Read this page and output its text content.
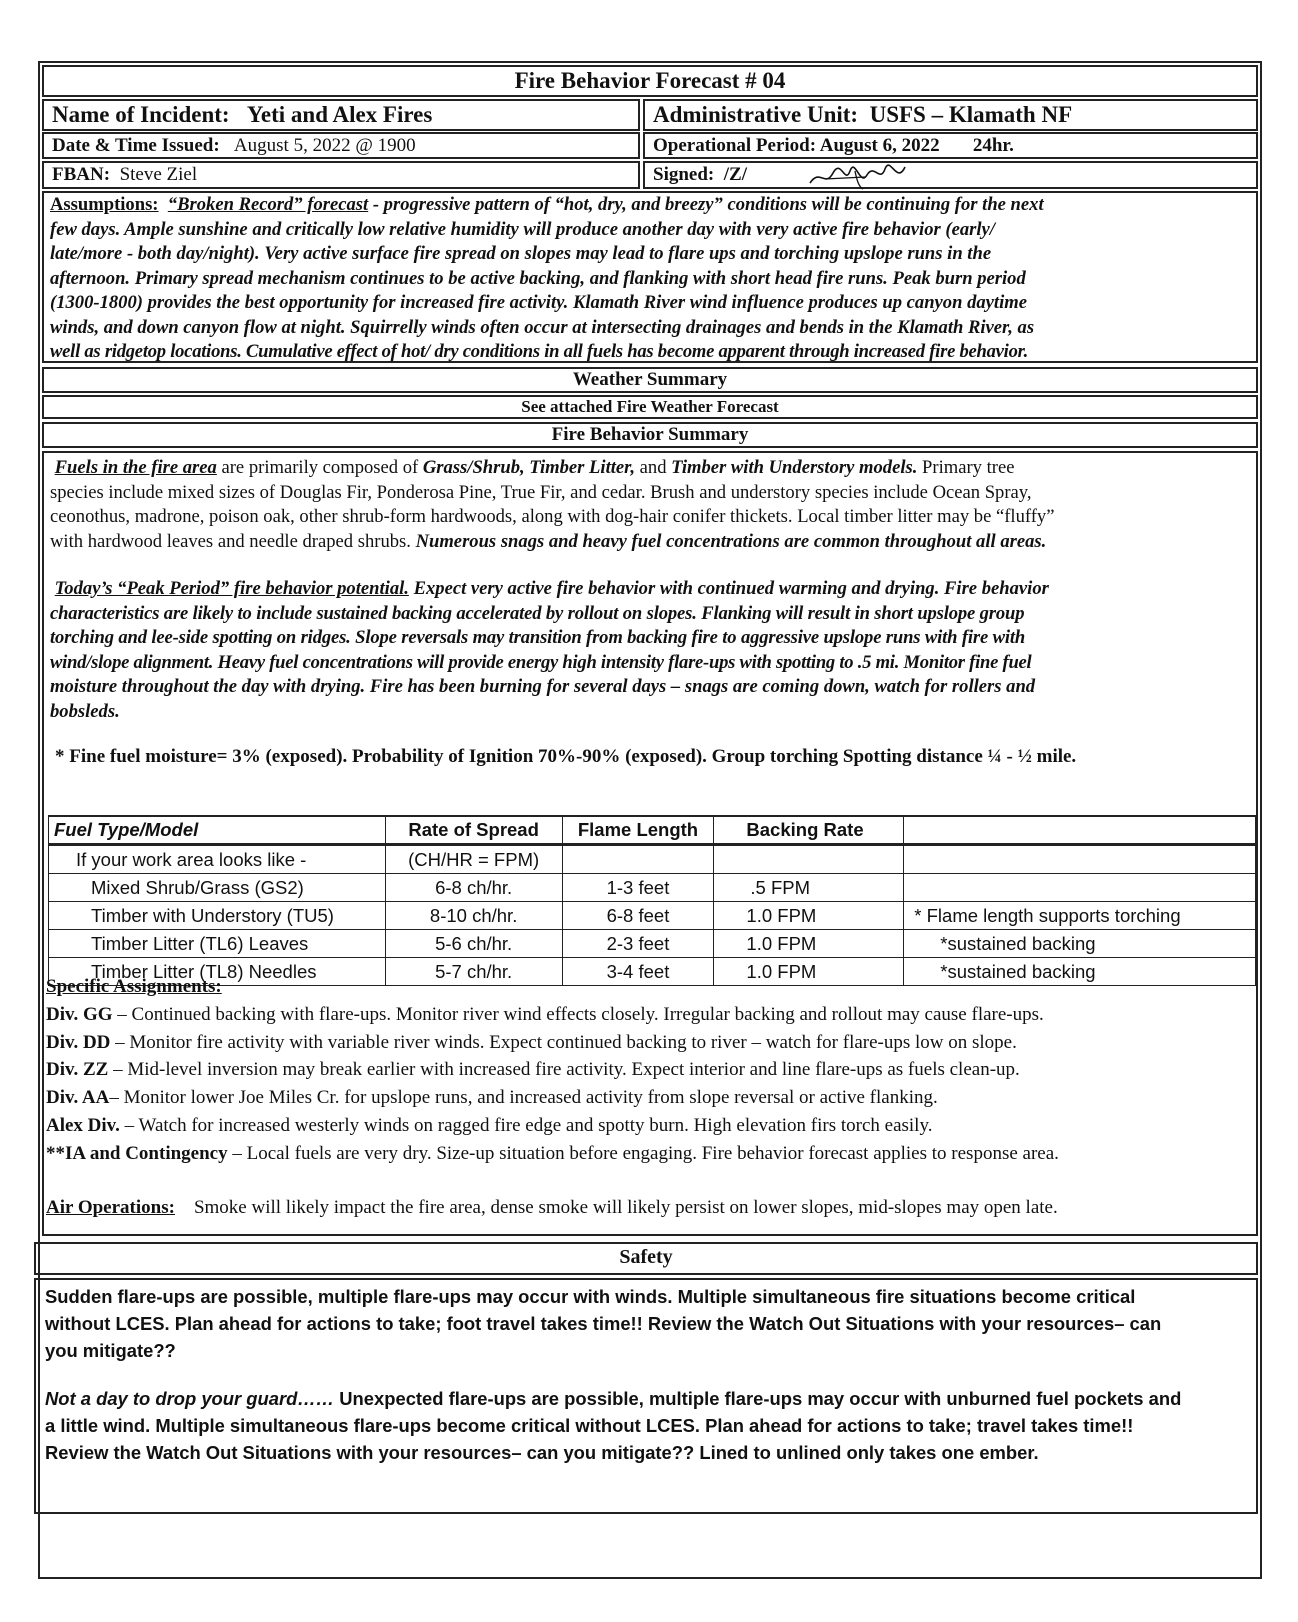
Fire Behavior Forecast # 04
Name of Incident: Yeti and Alex Fires	Administrative Unit: USFS – Klamath NF
Date & Time Issued: August 5, 2022 @ 1900	Operational Period: August 6, 2022 24hr.
FBAN: Steve Ziel	Signed: /Z/
Assumptions: “Broken Record” forecast - progressive pattern of “hot, dry, and breezy” conditions will be continuing for the next
few days. Ample sunshine and critically low relative humidity will produce another day with very active fire behavior (early/
late/more - both day/night). Very active surface fire spread on slopes may lead to flare ups and torching upslope runs in the
afternoon. Primary spread mechanism continues to be active backing, and flanking with short head fire runs. Peak burn period
(1300-1800) provides the best opportunity for increased fire activity. Klamath River wind influence produces up canyon daytime
winds, and down canyon flow at night. Squirrelly winds often occur at intersecting drainages and bends in the Klamath River, as
well as ridgetop locations. Cumulative effect of hot/ dry conditions in all fuels has become apparent through increased fire behavior.
Weather Summary
See attached Fire Weather Forecast
Fire Behavior Summary
Fuels in the fire area are primarily composed of Grass/Shrub, Timber Litter, and Timber with Understory models. Primary tree
species include mixed sizes of Douglas Fir, Ponderosa Pine, True Fir, and cedar. Brush and understory species include Ocean Spray,
ceonothus, madrone, poison oak, other shrub-form hardwoods, along with dog-hair conifer thickets. Local timber litter may be “fluffy”
with hardwood leaves and needle draped shrubs. Numerous snags and heavy fuel concentrations are common throughout all areas.
Today’s “Peak Period” fire behavior potential. Expect very active fire behavior with continued warming and drying. Fire behavior
characteristics are likely to include sustained backing accelerated by rollout on slopes. Flanking will result in short upslope group
torching and lee-side spotting on ridges. Slope reversals may transition from backing fire to aggressive upslope runs with fire with
wind/slope alignment. Heavy fuel concentrations will provide energy high intensity flare-ups with spotting to .5 mi. Monitor fine fuel
moisture throughout the day with drying. Fire has been burning for several days – snags are coming down, watch for rollers and
bobsleds.
* Fine fuel moisture= 3% (exposed). Probability of Ignition 70%-90% (exposed). Group torching Spotting distance ¼ - ½ mile.
Fuel Type/Model	Rate of Spread	Flame Length	Backing Rate	
If your work area looks like -	(CH/HR = FPM)			
Mixed Shrub/Grass (GS2)	6-8 ch/hr.	1-3 feet	.5 FPM	
Timber with Understory (TU5)	8-10 ch/hr.	6-8 feet	1.0 FPM	* Flame length supports torching
Timber Litter (TL6) Leaves	5-6 ch/hr.	2-3 feet	1.0 FPM	*sustained backing
Timber Litter (TL8) Needles	5-7 ch/hr.	3-4 feet	1.0 FPM	*sustained backing
Specific Assignments:
Div. GG – Continued backing with flare-ups. Monitor river wind effects closely. Irregular backing and rollout may cause flare-ups.
Div. DD – Monitor fire activity with variable river winds. Expect continued backing to river – watch for flare-ups low on slope.
Div. ZZ – Mid-level inversion may break earlier with increased fire activity. Expect interior and line flare-ups as fuels clean-up.
Div. AA– Monitor lower Joe Miles Cr. for upslope runs, and increased activity from slope reversal or active flanking.
Alex Div. – Watch for increased westerly winds on ragged fire edge and spotty burn. High elevation firs torch easily.
**IA and Contingency – Local fuels are very dry. Size-up situation before engaging. Fire behavior forecast applies to response area.
Air Operations: Smoke will likely impact the fire area, dense smoke will likely persist on lower slopes, mid-slopes may open late.
Safety
Sudden flare-ups are possible, multiple flare-ups may occur with winds. Multiple simultaneous fire situations become critical
without LCES. Plan ahead for actions to take; foot travel takes time!! Review the Watch Out Situations with your resources– can
you mitigate??
Not a day to drop your guard…… Unexpected flare-ups are possible, multiple flare-ups may occur with unburned fuel pockets and
a little wind. Multiple simultaneous flare-ups become critical without LCES. Plan ahead for actions to take; travel takes time!!
Review the Watch Out Situations with your resources– can you mitigate?? Lined to unlined only takes one ember.
